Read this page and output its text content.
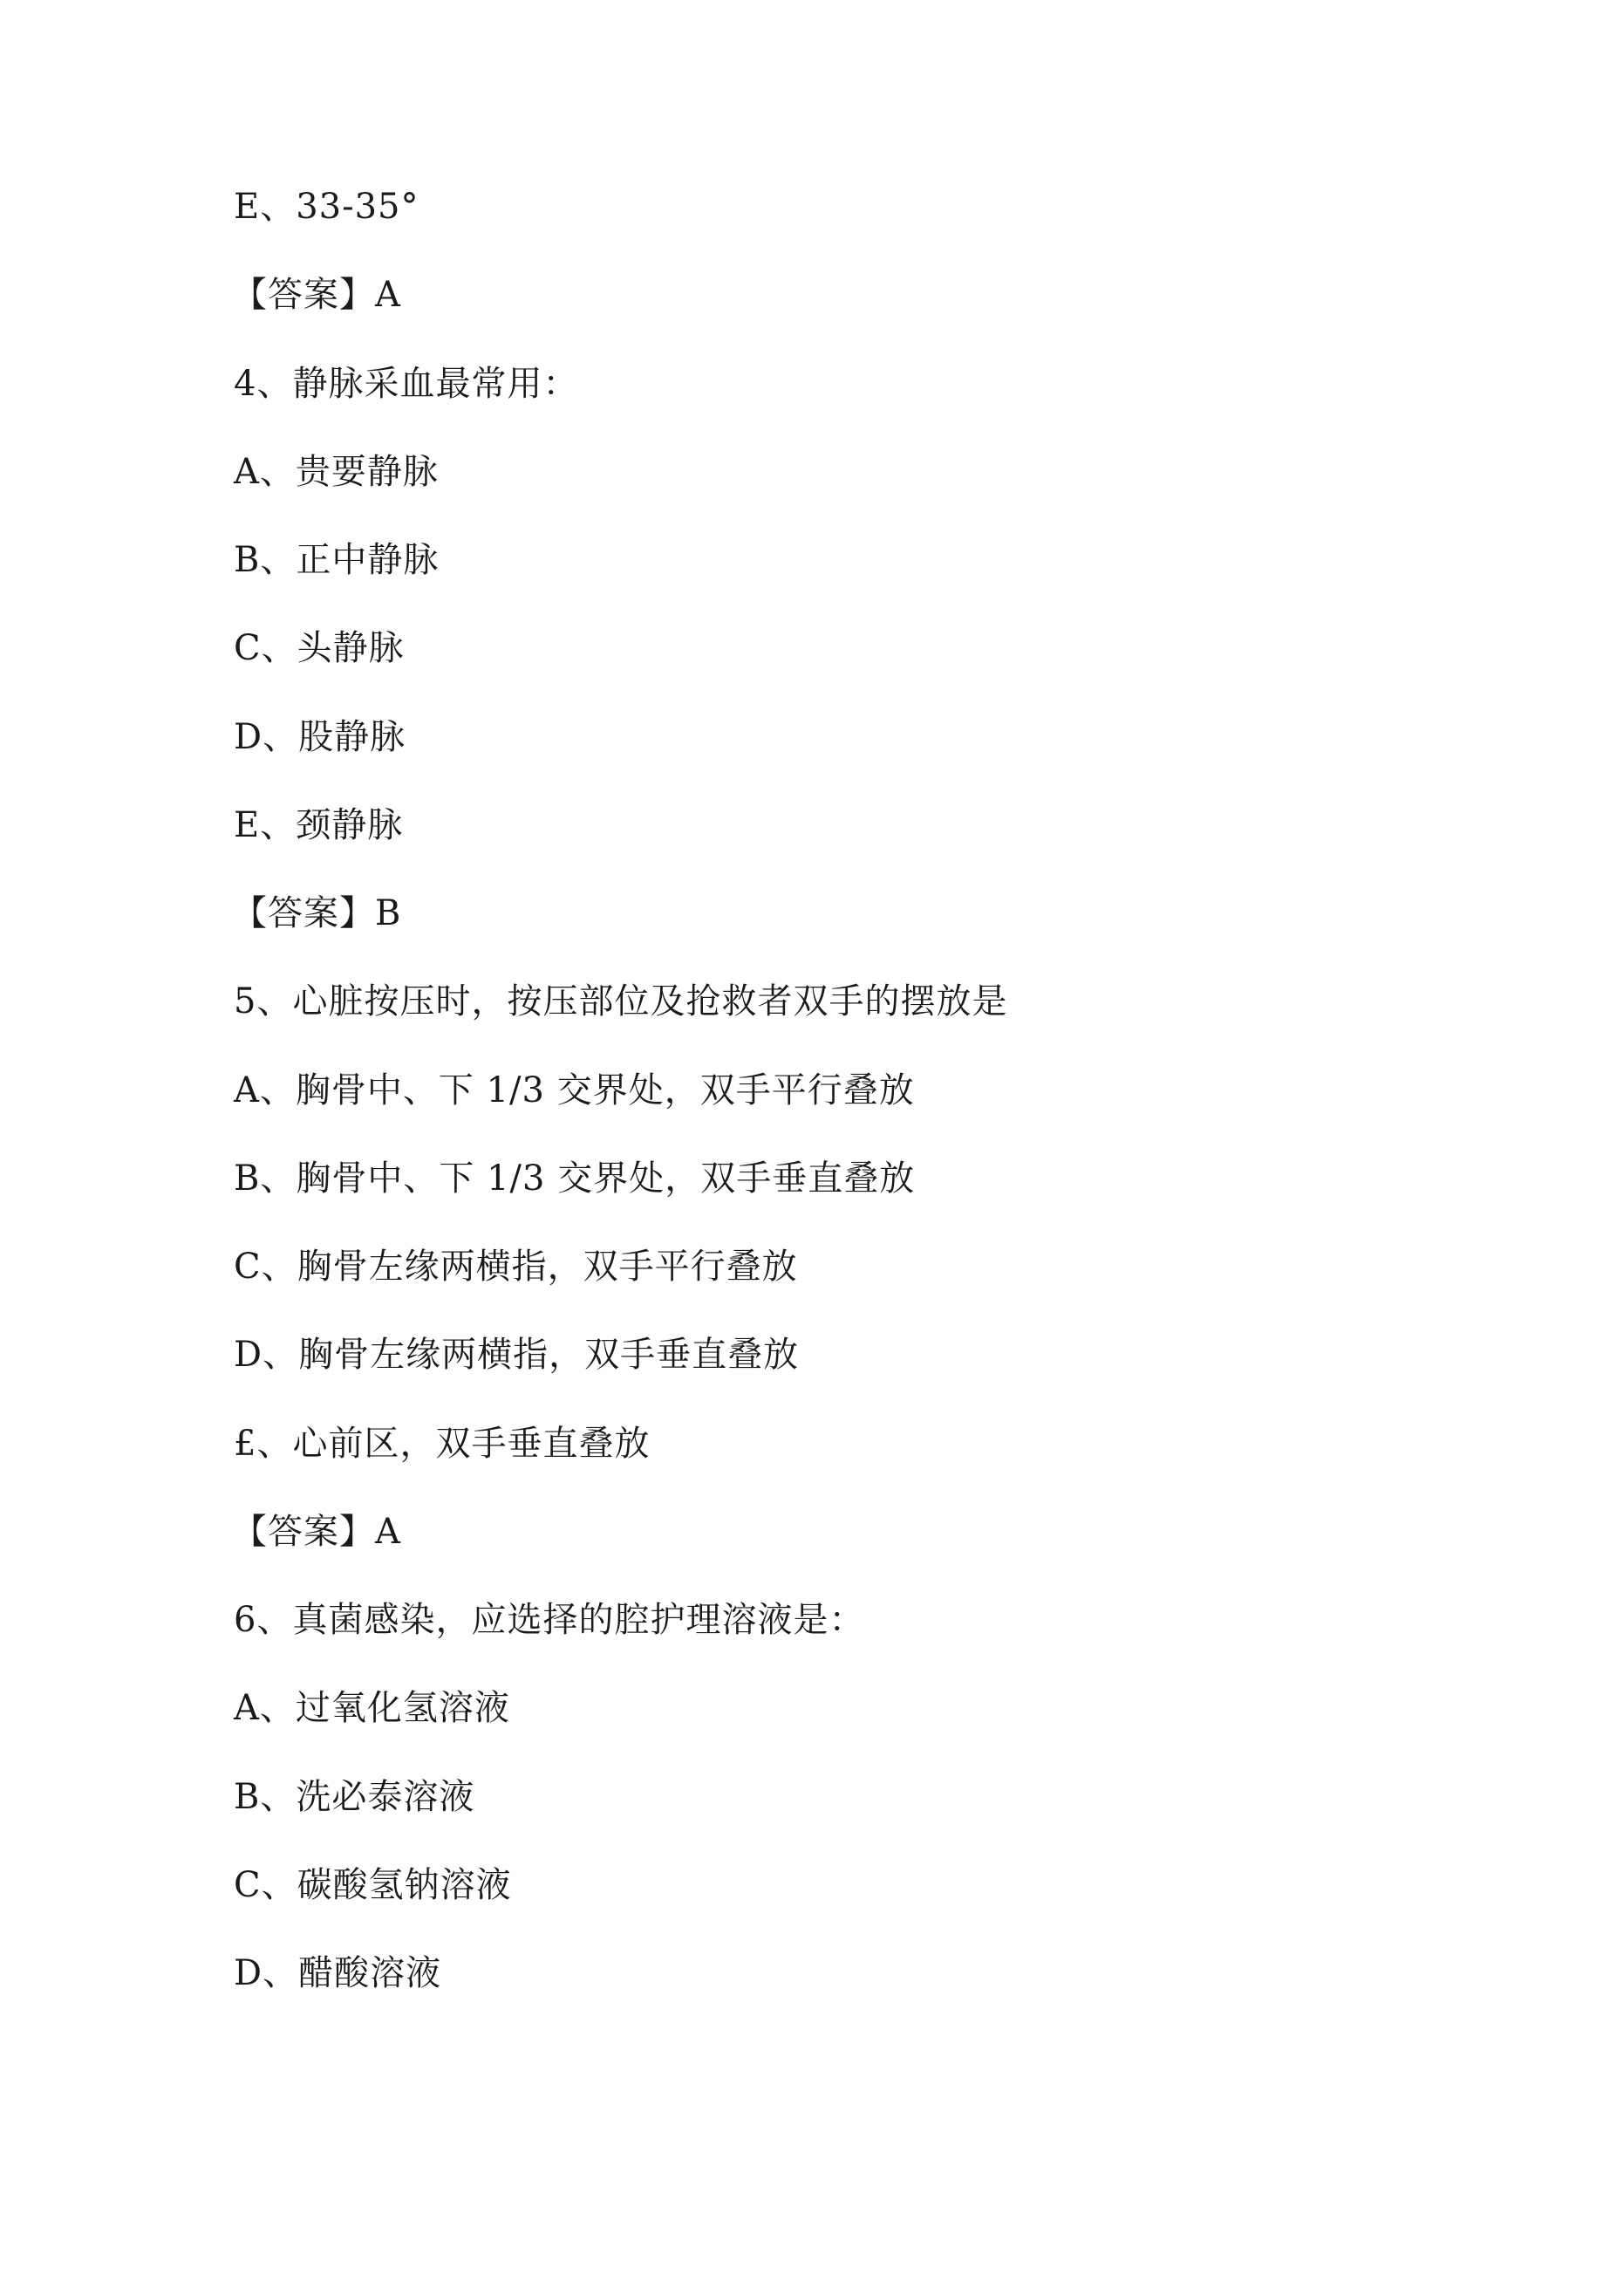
E、33-35°
【答案】A
4、静脉采血最常用：
A、贵要静脉
B、正中静脉
C、头静脉
D、股静脉
E、颈静脉
【答案】B
5、心脏按压时，按压部位及抢救者双手的摆放是
A、胸骨中、下 1/3 交界处，双手平行叠放
B、胸骨中、下 1/3 交界处，双手垂直叠放
C、胸骨左缘两横指，双手平行叠放
D、胸骨左缘两横指，双手垂直叠放
£、心前区，双手垂直叠放
【答案】A
6、真菌感染，应选择的腔护理溶液是：
A、过氧化氢溶液
B、洗必泰溶液
C、碳酸氢钠溶液
D、醋酸溶液
